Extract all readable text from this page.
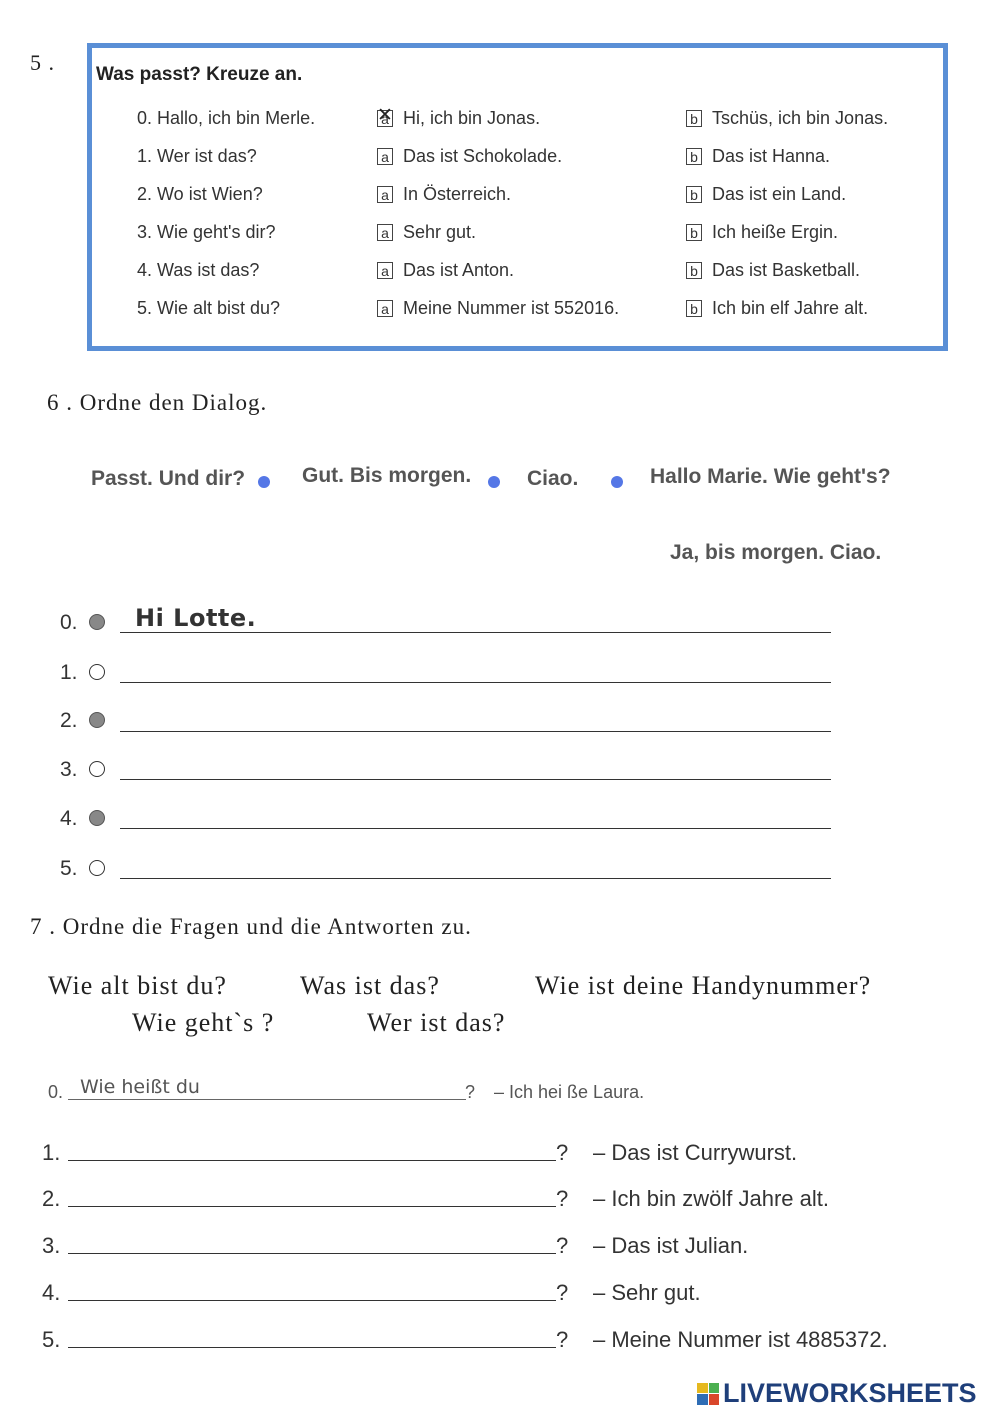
5 . Was passt? Kreuze an.
0. Hallo, ich bin Merle.	a ✕ Hi, ich bin Jonas.	b Tschüs, ich bin Jonas.
1. Wer ist das?	a Das ist Schokolade.	b Das ist Hanna.
2. Wo ist Wien?	a In Österreich.	b Das ist ein Land.
3. Wie geht's dir?	a Sehr gut.	b Ich heiße Ergin.
4. Was ist das?	a Das ist Anton.	b Das ist Basketball.
5. Wie alt bist du?	a Meine Nummer ist 552016.	b Ich bin elf Jahre alt.
6 . Ordne den Dialog.
Passt. Und dir?	Gut. Bis morgen.	Ciao.	Hallo Marie. Wie geht's?
Ja, bis morgen. Ciao.
0. Hi Lotte.
1.
2.
3.
4.
5.
7 . Ordne die Fragen und die Antworten zu.
Wie alt bist du?	Was ist das?	Wie ist deine Handynummer?
Wie geht`s ?	Wer ist das?
0. Wie heißt du	? – Ich hei ße Laura.
1.	? – Das ist Currywurst.
2.	? – Ich bin zwölf Jahre alt.
3.	? – Das ist Julian.
4.	? – Sehr gut.
5.	? – Meine Nummer ist 4885372.
LIVEWORKSHEETS
